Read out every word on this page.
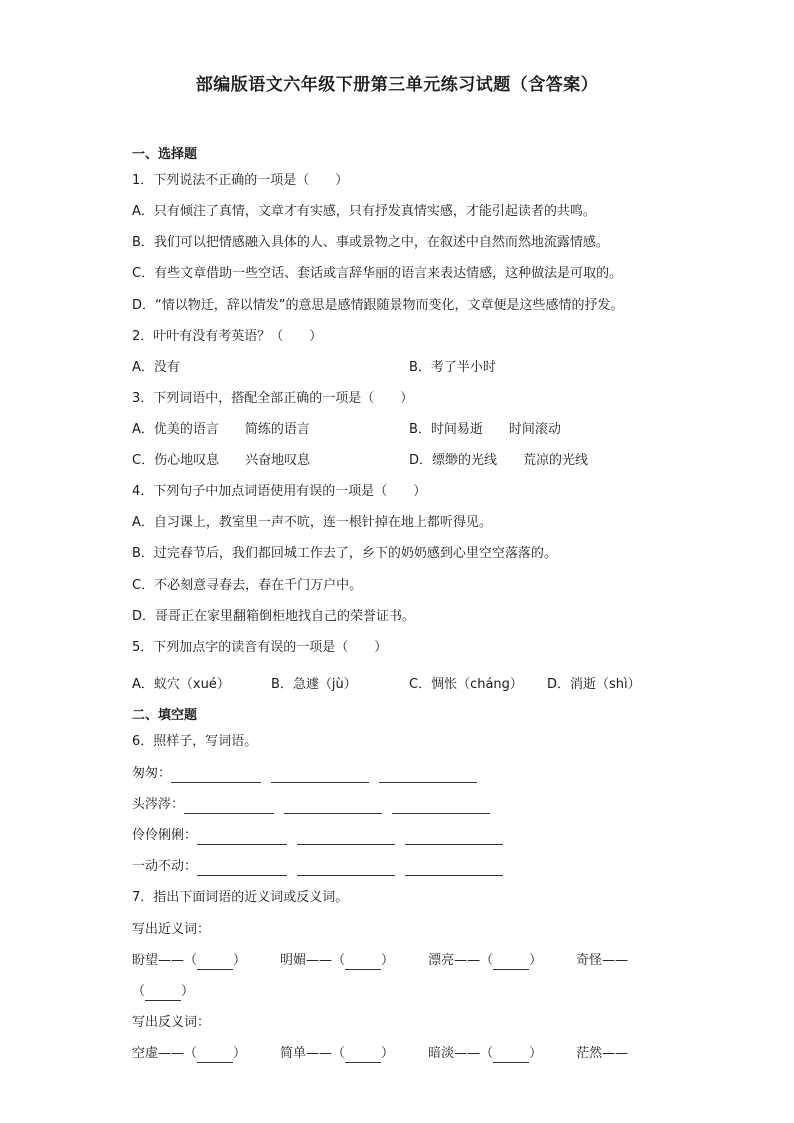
部编版语文六年级下册第三单元练习试题（含答案）
一、选择题
1．下列说法不正确的一项是（　　）
A．只有倾注了真情，文章才有实感，只有抒发真情实感，才能引起读者的共鸣。
B．我们可以把情感融入具体的人、事或景物之中，在叙述中自然而然地流露情感。
C．有些文章借助一些空话、套话或言辞华丽的语言来表达情感，这种做法是可取的。
D．“情以物迁，辞以情发”的意思是感情跟随景物而变化，文章便是这些感情的抒发。
2．叶叶有没有考英语？（　　）
A．没有	B．考了半小时
3．下列词语中，搭配全部正确的一项是（　　）
A．优美的语言　　简练的语言	B．时间易逝　　时间滚动
C．伤心地叹息　　兴奋地叹息	D．缥缈的光线　　荒凉的光线
4．下列句子中加点词语使用有误的一项是（　　）
A．自习课上，教室里一声不吭，连一根针掉在地上都听得见。
B．过完春节后，我们都回城工作去了，乡下的奶奶感到心里空空落落的。
C．不必刻意寻春去，春在千门万户中。
D．哥哥正在家里翻箱倒柜地找自己的荣誉证书。
5．下列加点字的读音有误的一项是（　　）
A．蚁穴（xué）	B．急遽（jù）	C．惆怅（cháng） D．消逝（shì）
二、填空题
6．照样子，写词语。
匆匆：
头涔涔：
伶伶俐俐：
一动不动：
7．指出下面词语的近义词或反义词。
写出近义词：
盼望——（	）	明媚——（	）	漂亮——（	）	奇怪——
（	）
写出反义词：
空虚——（	）	简单——（	）	暗淡——（	）	茫然——
